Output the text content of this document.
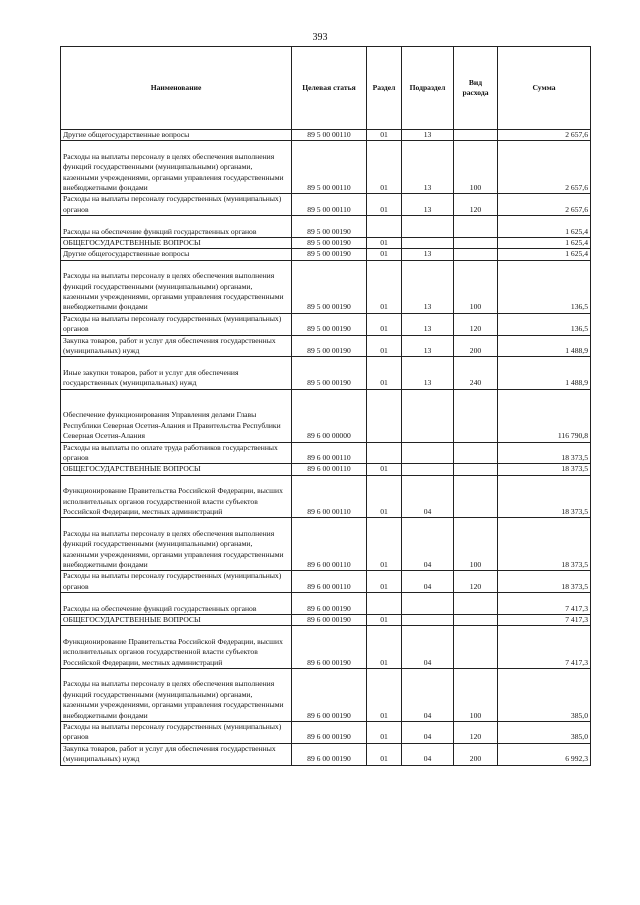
393
Наименование	Целевая статья	Раздел	Подраздел	Вид расхода	Сумма
Другие общегосударственные вопросы	89 5 00 00110	01	13		2 657,6
Расходы на выплаты персоналу в целях обеспечения выполнения функций государственными (муниципальными) органами, казенными учреждениями, органами управления государственными внебюджетными фондами	89 5 00 00110	01	13	100	2 657,6
Расходы на выплаты персоналу государственных (муниципальных) органов	89 5 00 00110	01	13	120	2 657,6
Расходы на обеспечение функций государственных органов	89 5 00 00190				1 625,4
ОБЩЕГОСУДАРСТВЕННЫЕ ВОПРОСЫ	89 5 00 00190	01			1 625,4
Другие общегосударственные вопросы	89 5 00 00190	01	13		1 625,4
Расходы на выплаты персоналу в целях обеспечения выполнения функций государственными (муниципальными) органами, казенными учреждениями, органами управления государственными внебюджетными фондами	89 5 00 00190	01	13	100	136,5
Расходы на выплаты персоналу государственных (муниципальных) органов	89 5 00 00190	01	13	120	136,5
Закупка товаров, работ и услуг для обеспечения государственных (муниципальных) нужд	89 5 00 00190	01	13	200	1 488,9
Иные закупки товаров, работ и услуг для обеспечения государственных (муниципальных) нужд	89 5 00 00190	01	13	240	1 488,9
Обеспечение функционирования Управления делами Главы Республики Северная Осетия-Алания и Правительства Республики Северная Осетия-Алания	89 6 00 00000				116 790,8
Расходы на выплаты по оплате труда работников государственных органов	89 6 00 00110				18 373,5
ОБЩЕГОСУДАРСТВЕННЫЕ ВОПРОСЫ	89 6 00 00110	01			18 373,5
Функционирование Правительства Российской Федерации, высших исполнительных органов государственной власти субъектов Российской Федерации, местных администраций	89 6 00 00110	01	04		18 373,5
Расходы на выплаты персоналу в целях обеспечения выполнения функций государственными (муниципальными) органами, казенными учреждениями, органами управления государственными внебюджетными фондами	89 6 00 00110	01	04	100	18 373,5
Расходы на выплаты персоналу государственных (муниципальных) органов	89 6 00 00110	01	04	120	18 373,5
Расходы на обеспечение функций государственных органов	89 6 00 00190				7 417,3
ОБЩЕГОСУДАРСТВЕННЫЕ ВОПРОСЫ	89 6 00 00190	01			7 417,3
Функционирование Правительства Российской Федерации, высших исполнительных органов государственной власти субъектов Российской Федерации, местных администраций	89 6 00 00190	01	04		7 417,3
Расходы на выплаты персоналу в целях обеспечения выполнения функций государственными (муниципальными) органами, казенными учреждениями, органами управления государственными внебюджетными фондами	89 6 00 00190	01	04	100	385,0
Расходы на выплаты персоналу государственных (муниципальных) органов	89 6 00 00190	01	04	120	385,0
Закупка товаров, работ и услуг для обеспечения государственных (муниципальных) нужд	89 6 00 00190	01	04	200	6 992,3
